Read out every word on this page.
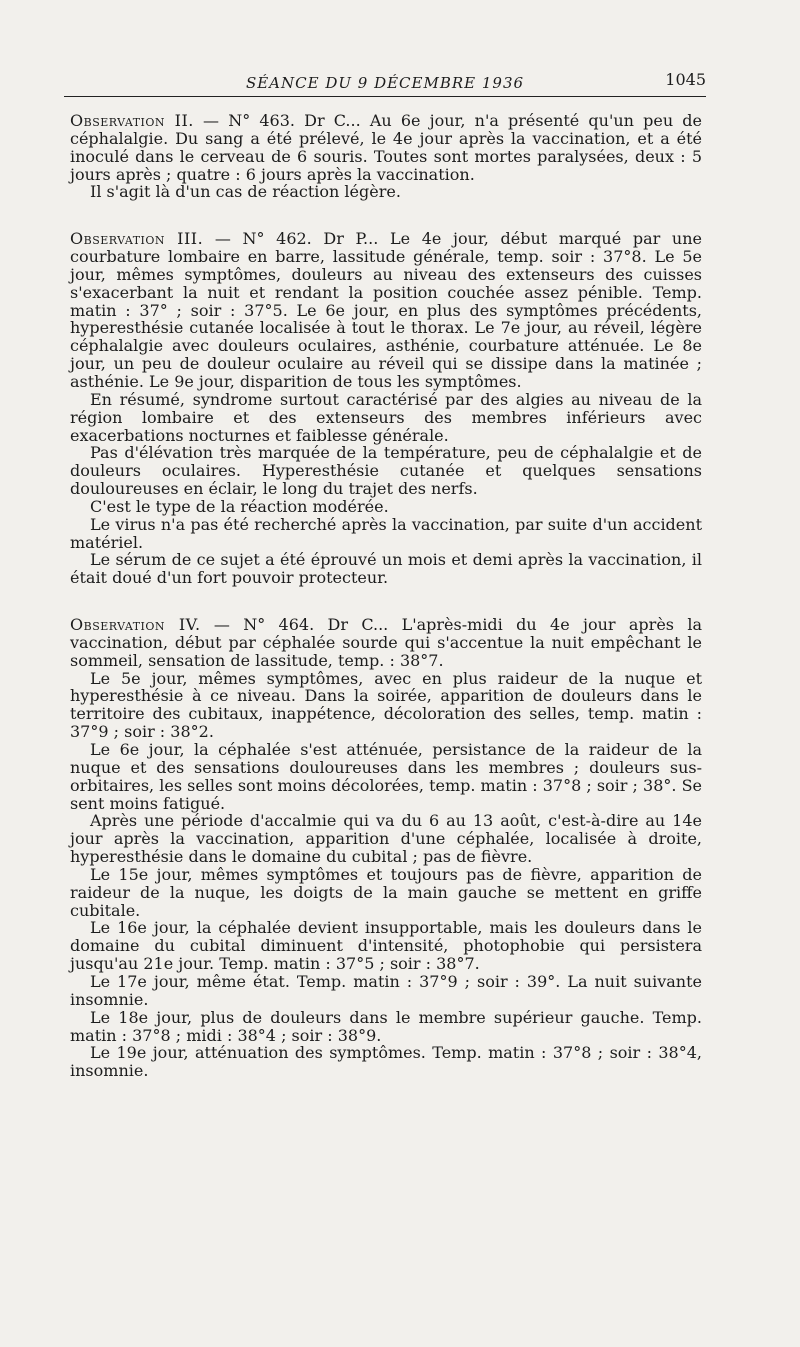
SÉANCE DU 9 DÉCEMBRE 1936	1045

Observation II. — N° 463. Dr C... Au 6e jour, n'a présenté qu'un peu de céphalalgie. Du sang a été prélevé, le 4e jour après la vaccination, et a été inoculé dans le cerveau de 6 souris. Toutes sont mortes paralysées, deux : 5 jours après ; quatre : 6 jours après la vaccination.

Il s'agit là d'un cas de réaction légère.

Observation III. — N° 462. Dr P... Le 4e jour, début marqué par une courbature lombaire en barre, lassitude générale, temp. soir : 37°8. Le 5e jour, mêmes symptômes, douleurs au niveau des extenseurs des cuisses s'exacerbant la nuit et rendant la position couchée assez pénible. Temp. matin : 37° ; soir : 37°5. Le 6e jour, en plus des symptômes précédents, hyperesthésie cutanée localisée à tout le thorax. Le 7e jour, au réveil, légère céphalalgie avec douleurs oculaires, asthénie, courbature atténuée. Le 8e jour, un peu de douleur oculaire au réveil qui se dissipe dans la matinée ; asthénie. Le 9e jour, disparition de tous les symptômes.

En résumé, syndrome surtout caractérisé par des algies au niveau de la région lombaire et des extenseurs des membres inférieurs avec exacerbations nocturnes et faiblesse générale.

Pas d'élévation très marquée de la température, peu de céphalalgie et de douleurs oculaires. Hyperesthésie cutanée et quelques sensations douloureuses en éclair, le long du trajet des nerfs.

C'est le type de la réaction modérée.

Le virus n'a pas été recherché après la vaccination, par suite d'un accident matériel.

Le sérum de ce sujet a été éprouvé un mois et demi après la vaccination, il était doué d'un fort pouvoir protecteur.

Observation IV. — N° 464. Dr C... L'après-midi du 4e jour après la vaccination, début par céphalée sourde qui s'accentue la nuit empêchant le sommeil, sensation de lassitude, temp. : 38°7.

Le 5e jour, mêmes symptômes, avec en plus raideur de la nuque et hyperesthésie à ce niveau. Dans la soirée, apparition de douleurs dans le territoire des cubitaux, inappétence, décoloration des selles, temp. matin : 37°9 ; soir : 38°2.

Le 6e jour, la céphalée s'est atténuée, persistance de la raideur de la nuque et des sensations douloureuses dans les membres ; douleurs sus-orbitaires, les selles sont moins décolorées, temp. matin : 37°8 ; soir ; 38°. Se sent moins fatigué.

Après une période d'accalmie qui va du 6 au 13 août, c'est-à-dire au 14e jour après la vaccination, apparition d'une céphalée, localisée à droite, hyperesthésie dans le domaine du cubital ; pas de fièvre.

Le 15e jour, mêmes symptômes et toujours pas de fièvre, apparition de raideur de la nuque, les doigts de la main gauche se mettent en griffe cubitale.

Le 16e jour, la céphalée devient insupportable, mais les douleurs dans le domaine du cubital diminuent d'intensité, photophobie qui persistera jusqu'au 21e jour. Temp. matin : 37°5 ; soir : 38°7.

Le 17e jour, même état. Temp. matin : 37°9 ; soir : 39°. La nuit suivante insomnie.

Le 18e jour, plus de douleurs dans le membre supérieur gauche. Temp. matin : 37°8 ; midi : 38°4 ; soir : 38°9.

Le 19e jour, atténuation des symptômes. Temp. matin : 37°8 ; soir : 38°4, insomnie.
